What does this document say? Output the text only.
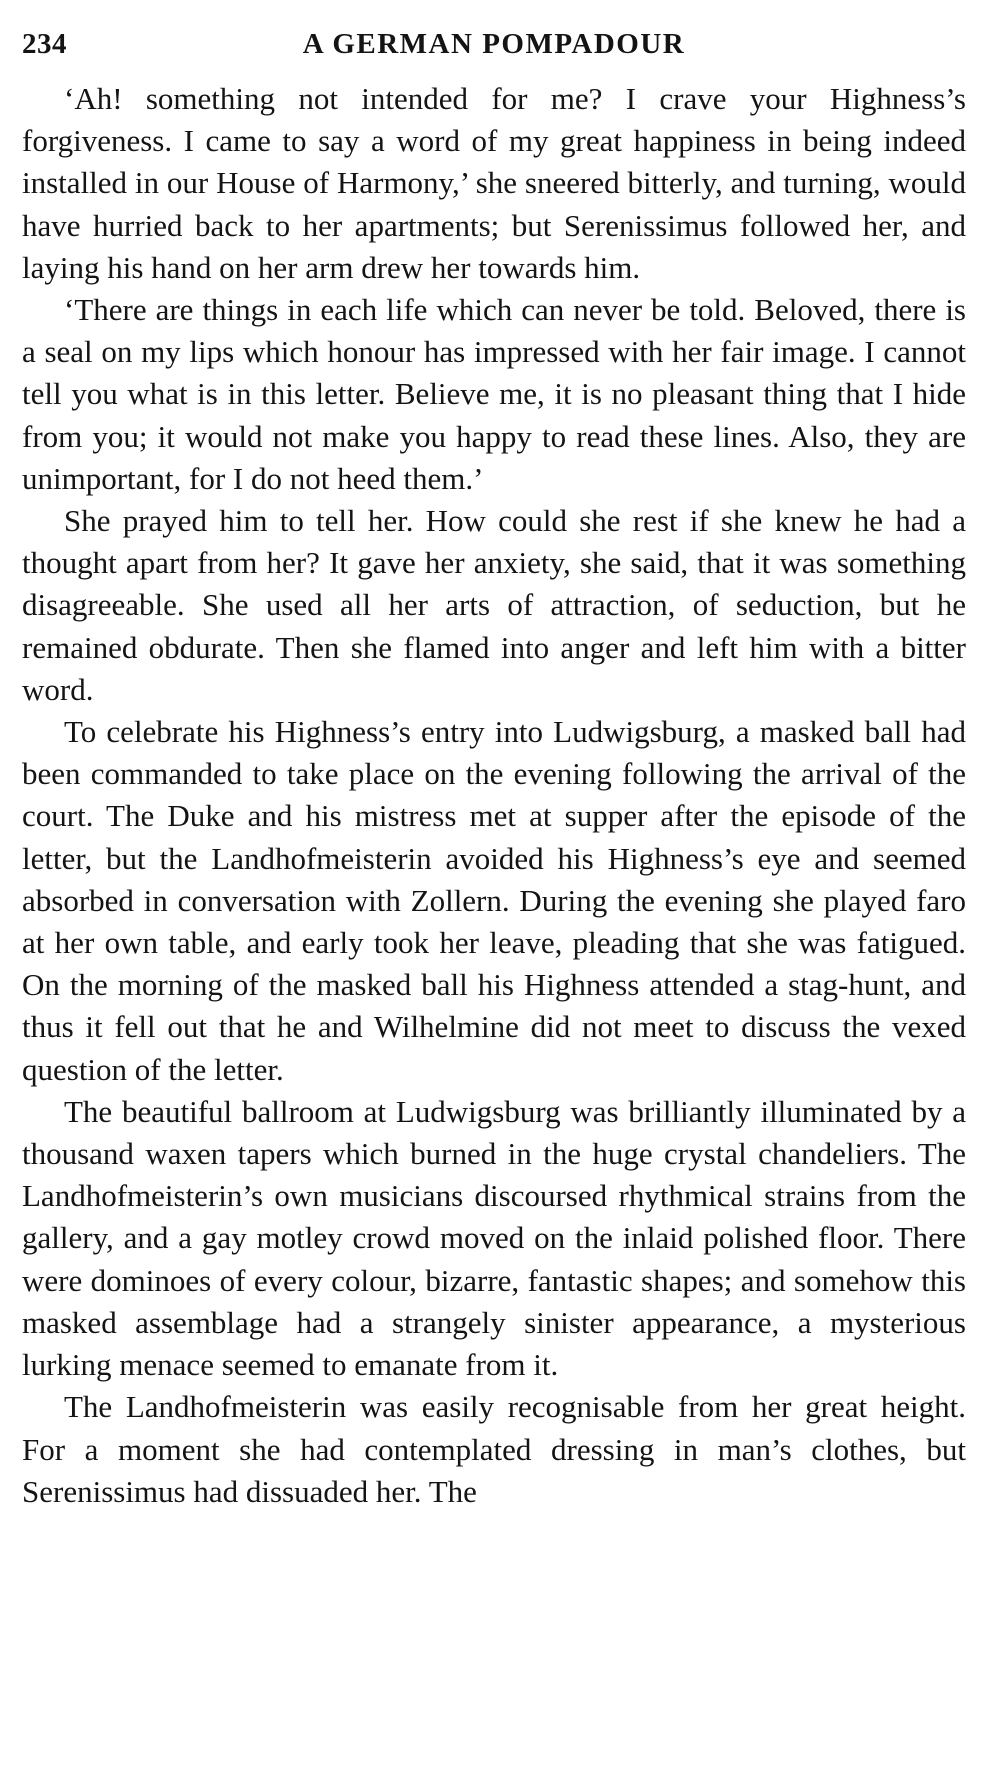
234	A GERMAN POMPADOUR

‘Ah! something not intended for me? I crave your Highness’s forgiveness. I came to say a word of my great happiness in being indeed installed in our House of Harmony,’ she sneered bitterly, and turning, would have hurried back to her apartments; but Serenissimus followed her, and laying his hand on her arm drew her towards him.

‘There are things in each life which can never be told. Beloved, there is a seal on my lips which honour has impressed with her fair image. I cannot tell you what is in this letter. Believe me, it is no pleasant thing that I hide from you; it would not make you happy to read these lines. Also, they are unimportant, for I do not heed them.’

She prayed him to tell her. How could she rest if she knew he had a thought apart from her? It gave her anxiety, she said, that it was something disagreeable. She used all her arts of attraction, of seduction, but he remained obdurate. Then she flamed into anger and left him with a bitter word.

To celebrate his Highness’s entry into Ludwigsburg, a masked ball had been commanded to take place on the evening following the arrival of the court. The Duke and his mistress met at supper after the episode of the letter, but the Landhofmeisterin avoided his Highness’s eye and seemed absorbed in conversation with Zollern. During the evening she played faro at her own table, and early took her leave, pleading that she was fatigued. On the morning of the masked ball his Highness attended a stag-hunt, and thus it fell out that he and Wilhelmine did not meet to discuss the vexed question of the letter.

The beautiful ballroom at Ludwigsburg was brilliantly illuminated by a thousand waxen tapers which burned in the huge crystal chandeliers. The Landhofmeisterin’s own musicians discoursed rhythmical strains from the gallery, and a gay motley crowd moved on the inlaid polished floor. There were dominoes of every colour, bizarre, fantastic shapes; and somehow this masked assemblage had a strangely sinister appearance, a mysterious lurking menace seemed to emanate from it.

The Landhofmeisterin was easily recognisable from her great height. For a moment she had contemplated dressing in man’s clothes, but Serenissimus had dissuaded her. The
